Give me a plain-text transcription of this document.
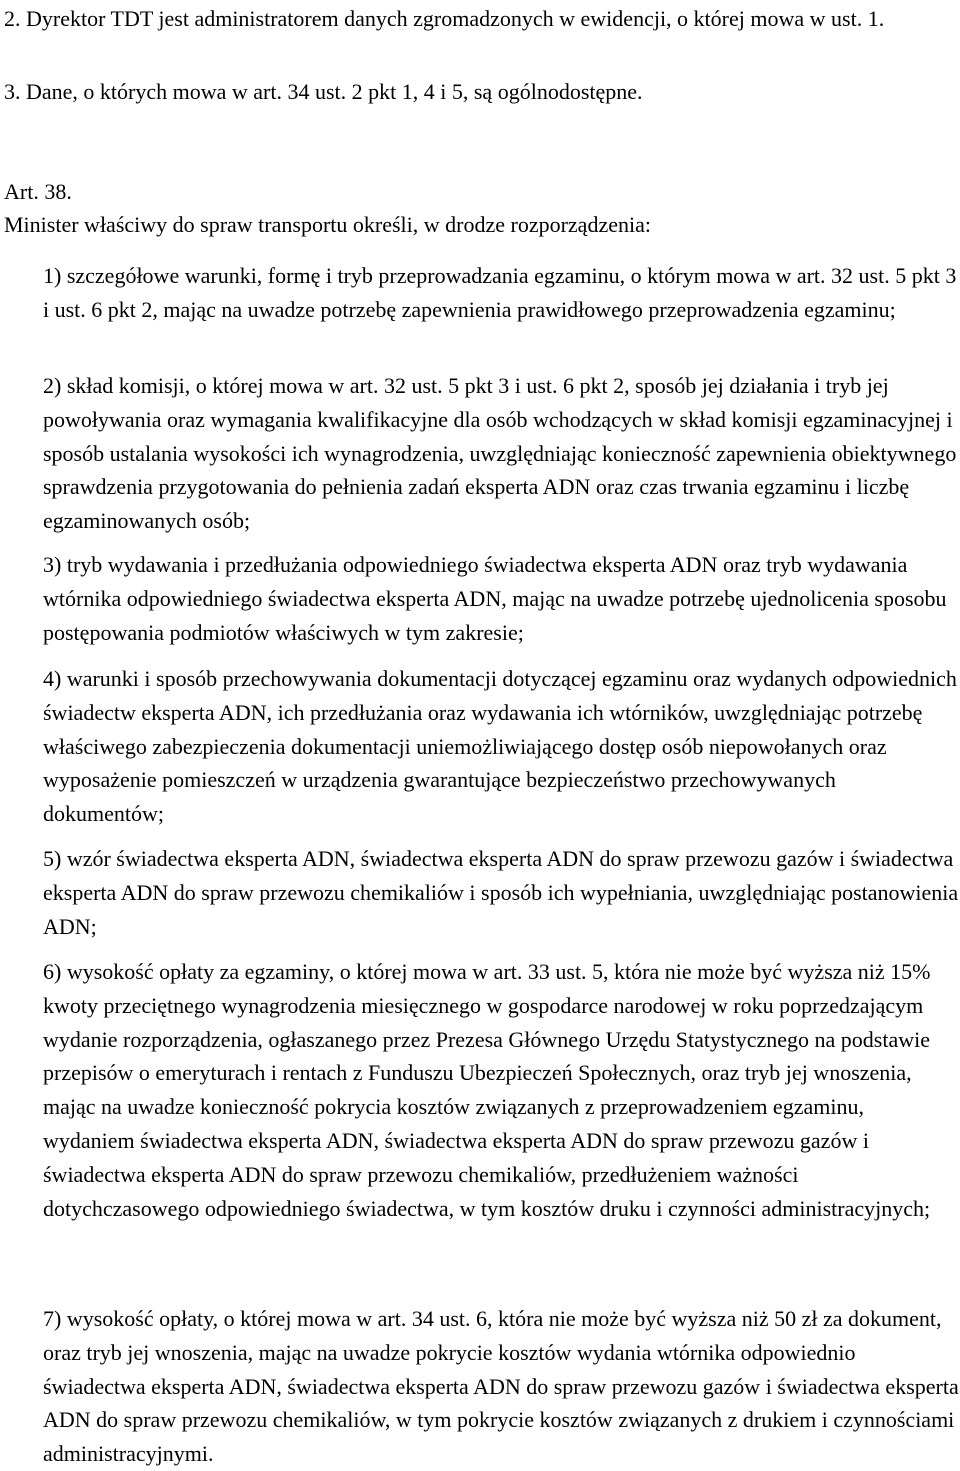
2. Dyrektor TDT jest administratorem danych zgromadzonych w ewidencji, o której mowa w ust. 1.

3. Dane, o których mowa w art. 34 ust. 2 pkt 1, 4 i 5, są ogólnodostępne.

Art. 38.

Minister właściwy do spraw transportu określi, w drodze rozporządzenia:

1) szczegółowe warunki, formę i tryb przeprowadzania egzaminu, o którym mowa w art. 32 ust. 5 pkt 3 i ust. 6 pkt 2, mając na uwadze potrzebę zapewnienia prawidłowego przeprowadzenia egzaminu;
2) skład komisji, o której mowa w art. 32 ust. 5 pkt 3 i ust. 6 pkt 2, sposób jej działania i tryb jej powoływania oraz wymagania kwalifikacyjne dla osób wchodzących w skład komisji egzaminacyjnej i sposób ustalania wysokości ich wynagrodzenia, uwzględniając konieczność zapewnienia obiektywnego sprawdzenia przygotowania do pełnienia zadań eksperta ADN oraz czas trwania egzaminu i liczbę egzaminowanych osób;
3) tryb wydawania i przedłużania odpowiedniego świadectwa eksperta ADN oraz tryb wydawania wtórnika odpowiedniego świadectwa eksperta ADN, mając na uwadze potrzebę ujednolicenia sposobu postępowania podmiotów właściwych w tym zakresie;
4) warunki i sposób przechowywania dokumentacji dotyczącej egzaminu oraz wydanych odpowiednich świadectw eksperta ADN, ich przedłużania oraz wydawania ich wtórników, uwzględniając potrzebę właściwego zabezpieczenia dokumentacji uniemożliwiającego dostęp osób niepowołanych oraz wyposażenie pomieszczeń w urządzenia gwarantujące bezpieczeństwo przechowywanych dokumentów;
5) wzór świadectwa eksperta ADN, świadectwa eksperta ADN do spraw przewozu gazów i świadectwa eksperta ADN do spraw przewozu chemikaliów i sposób ich wypełniania, uwzględniając postanowienia ADN;
6) wysokość opłaty za egzaminy, o której mowa w art. 33 ust. 5, która nie może być wyższa niż 15% kwoty przeciętnego wynagrodzenia miesięcznego w gospodarce narodowej w roku poprzedzającym wydanie rozporządzenia, ogłaszanego przez Prezesa Głównego Urzędu Statystycznego na podstawie przepisów o emeryturach i rentach z Funduszu Ubezpieczeń Społecznych, oraz tryb jej wnoszenia, mając na uwadze konieczność pokrycia kosztów związanych z przeprowadzeniem egzaminu, wydaniem świadectwa eksperta ADN, świadectwa eksperta ADN do spraw przewozu gazów i świadectwa eksperta ADN do spraw przewozu chemikaliów, przedłużeniem ważności dotychczasowego odpowiedniego świadectwa, w tym kosztów druku i czynności administracyjnych;
7) wysokość opłaty, o której mowa w art. 34 ust. 6, która nie może być wyższa niż 50 zł za dokument, oraz tryb jej wnoszenia, mając na uwadze pokrycie kosztów wydania wtórnika odpowiednio świadectwa eksperta ADN, świadectwa eksperta ADN do spraw przewozu gazów i świadectwa eksperta ADN do spraw przewozu chemikaliów, w tym pokrycie kosztów związanych z drukiem i czynnościami administracyjnymi.
